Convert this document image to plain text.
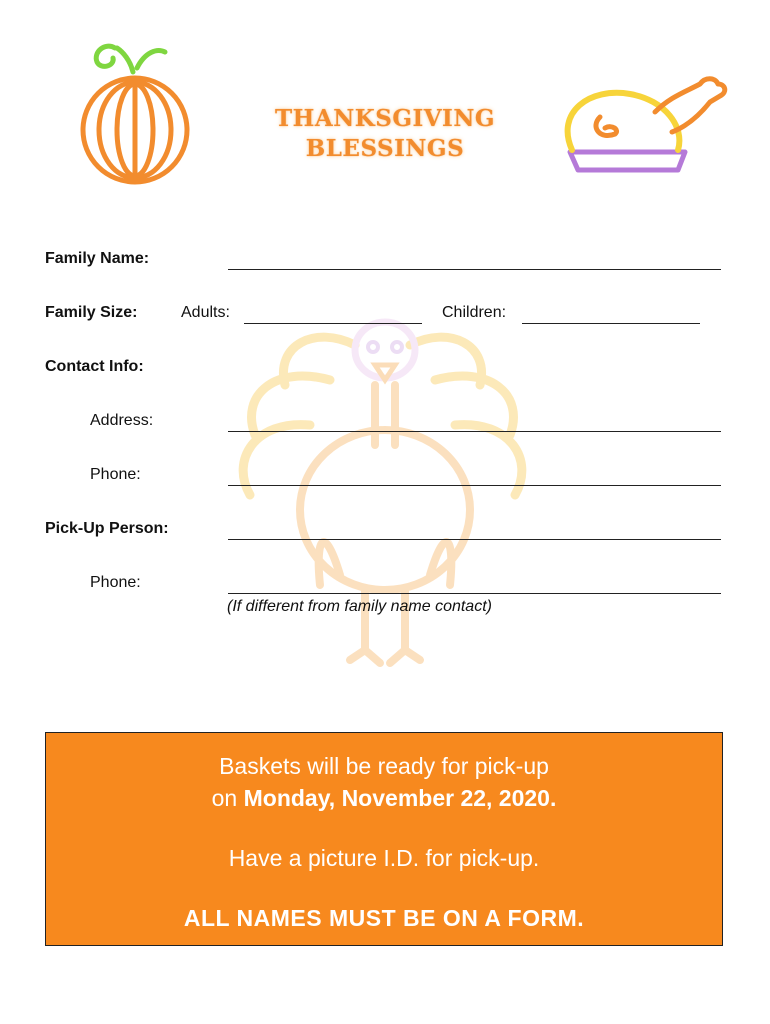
THANKSGIVING
BLESSINGS
Family Name:
Family Size:	Adults:	Children:
Contact Info:
Address:
Phone:
Pick-Up Person:
Phone:
(If different from family name contact)
Baskets will be ready for pick-up
on Monday, November 22, 2020.
Have a picture I.D. for pick-up.
ALL NAMES MUST BE ON A FORM.
